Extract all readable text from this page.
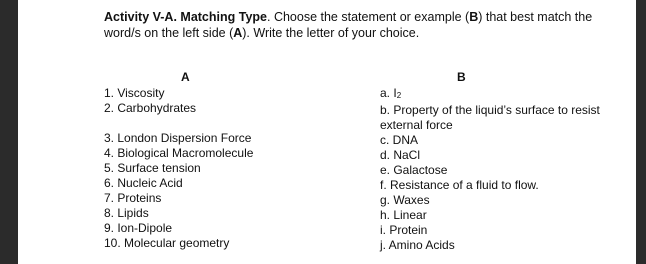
Activity V-A. Matching Type. Choose the statement or example (B) that best match the word/s on the left side (A). Write the letter of your choice.
A	B
1. Viscosity
2. Carbohydrates
3. London Dispersion Force
4. Biological Macromolecule
5. Surface tension
6. Nucleic Acid
7. Proteins
8. Lipids
9. Ion-Dipole
10. Molecular geometry
a. I2
b. Property of the liquid’s surface to resist external force
c. DNA
d. NaCl
e. Galactose
f. Resistance of a fluid to flow.
g. Waxes
h. Linear
i. Protein
j. Amino Acids
